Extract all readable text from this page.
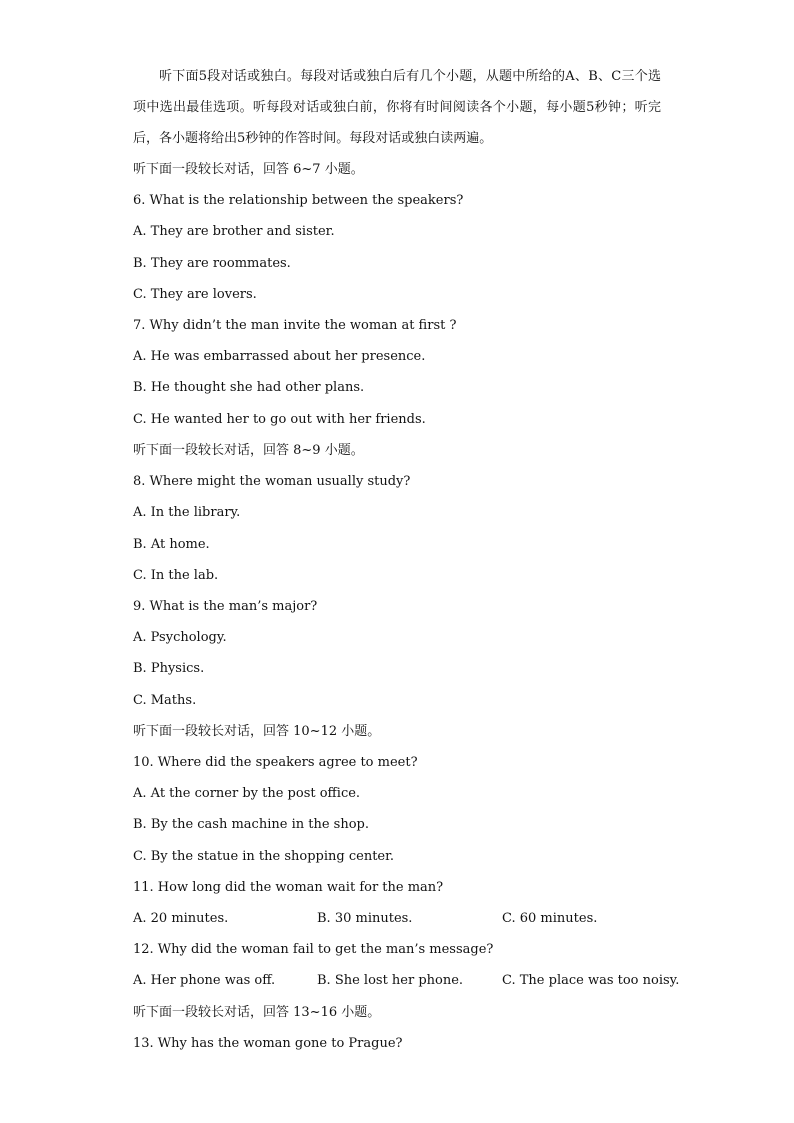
听下面5段对话或独白。每段对话或独白后有几个小题，从题中所给的A、B、C三个选项中选出最佳选项。听每段对话或独白前，你将有时间阅读各个小题，每小题5秒钟；听完后，各小题将给出5秒钟的作答时间。每段对话或独白读两遍。
听下面一段较长对话，回答 6~7 小题。
6. What is the relationship between the speakers?
A. They are brother and sister.
B. They are roommates.
C. They are lovers.
7. Why didn’t the man invite the woman at first ?
A. He was embarrassed about her presence.
B. He thought she had other plans.
C. He wanted her to go out with her friends.
听下面一段较长对话，回答 8~9 小题。
8. Where might the woman usually study?
A. In the library.
B. At home.
C. In the lab.
9. What is the man’s major?
A. Psychology.
B. Physics.
C. Maths.
听下面一段较长对话，回答 10~12 小题。
10. Where did the speakers agree to meet?
A. At the corner by the post office.
B. By the cash machine in the shop.
C. By the statue in the shopping center.
11. How long did the woman wait for the man?
A. 20 minutes.	B. 30 minutes.	C. 60 minutes.
12. Why did the woman fail to get the man’s message?
A. Her phone was off.	B. She lost her phone.	C. The place was too noisy.
听下面一段较长对话，回答 13~16 小题。
13. Why has the woman gone to Prague?
